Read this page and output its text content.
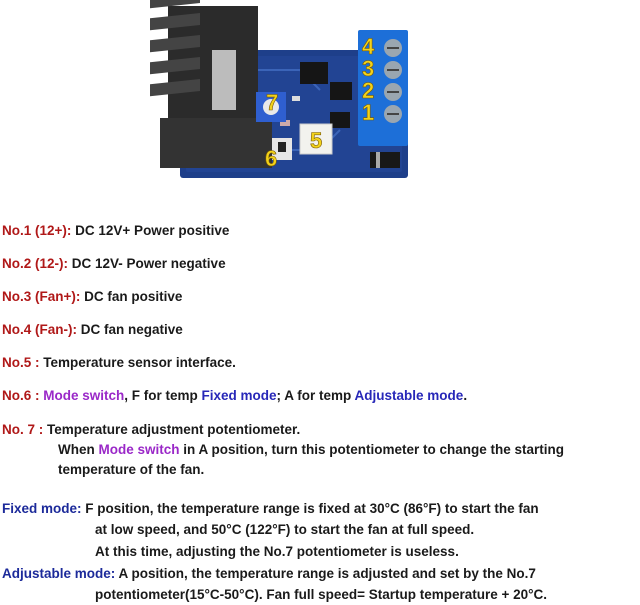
4
3
2
1
7
5
6
No.1 (12+): DC 12V+ Power positive
No.2 (12-): DC 12V- Power negative
No.3 (Fan+): DC fan positive
No.4 (Fan-): DC fan negative
No.5 : Temperature sensor interface.
No.6 : Mode switch, F for temp Fixed mode; A for temp Adjustable mode.
No. 7 : Temperature adjustment potentiometer.
When Mode switch in A position, turn this potentiometer to change the starting
temperature of the fan.
Fixed mode: F position, the temperature range is fixed at 30°C (86°F) to start the fan
at low speed, and 50°C (122°F) to start the fan at full speed.
At this time, adjusting the No.7 potentiometer is useless.
Adjustable mode: A position, the temperature range is adjusted and set by the No.7
potentiometer(15°C-50°C). Fan full speed= Startup temperature + 20°C.
